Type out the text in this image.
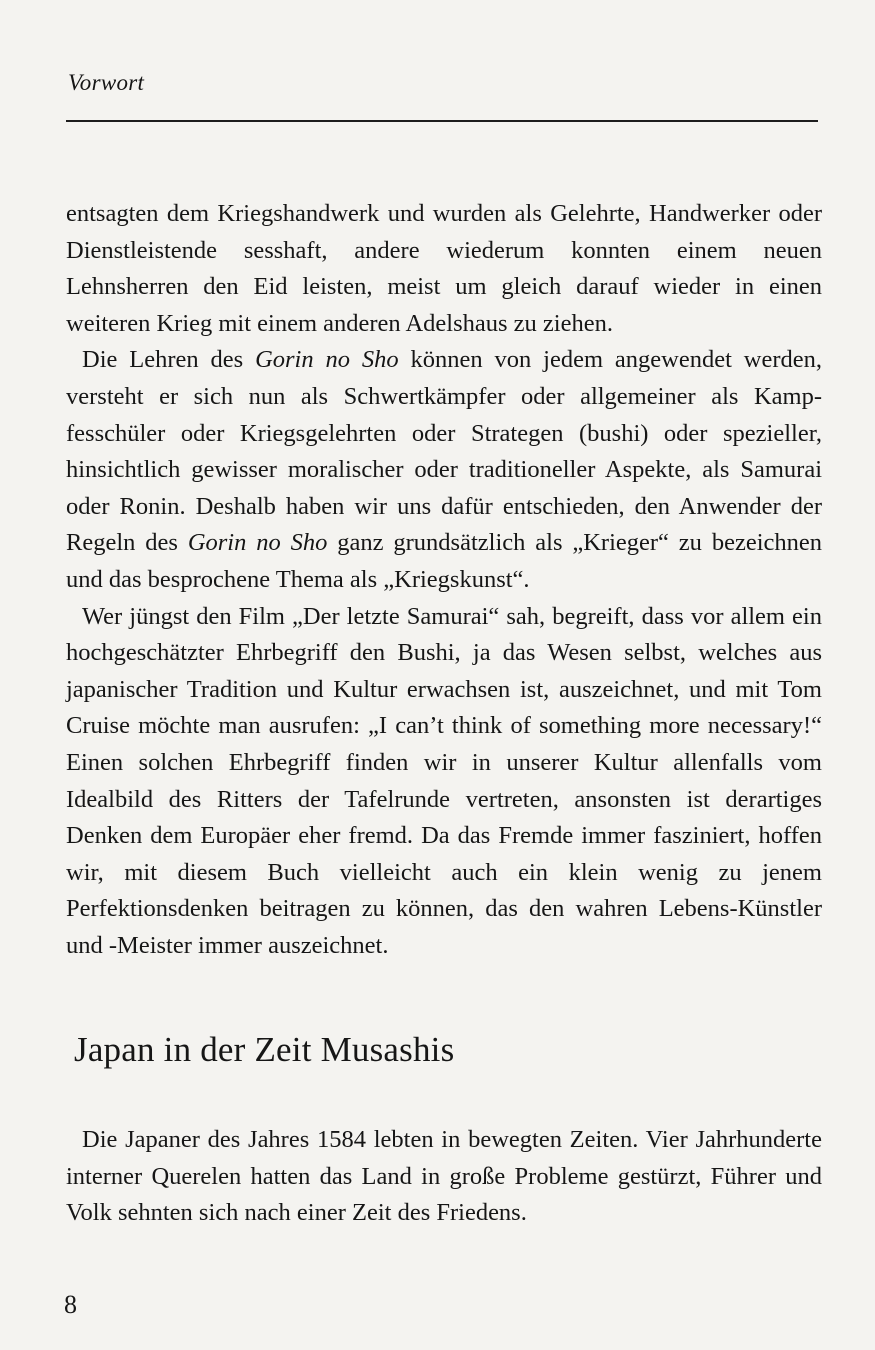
Vorwort

entsagten dem Kriegshandwerk und wurden als Gelehrte, Handwerker oder Dienstleistende sesshaft, andere wiederum konnten einem neuen Lehnsherren den Eid leisten, meist um gleich darauf wieder in einen weiteren Krieg mit einem anderen Adelshaus zu ziehen.

Die Lehren des Gorin no Sho können von jedem angewendet werden, versteht er sich nun als Schwertkämpfer oder allgemeiner als Kampfesschüler oder Kriegsgelehrten oder Strategen (bushi) oder spezieller, hinsichtlich gewisser moralischer oder traditioneller Aspekte, als Samurai oder Ronin. Deshalb haben wir uns dafür entschieden, den Anwender der Regeln des Gorin no Sho ganz grundsätzlich als „Krieger“ zu bezeichnen und das besprochene Thema als „Kriegskunst“.

Wer jüngst den Film „Der letzte Samurai“ sah, begreift, dass vor allem ein hochgeschätzter Ehrbegriff den Bushi, ja das Wesen selbst, welches aus japanischer Tradition und Kultur erwachsen ist, auszeichnet, und mit Tom Cruise möchte man ausrufen: „I can’t think of something more necessary!“ Einen solchen Ehrbegriff finden wir in unserer Kultur allenfalls vom Idealbild des Ritters der Tafelrunde vertreten, ansonsten ist derartiges Denken dem Europäer eher fremd. Da das Fremde immer fasziniert, hoffen wir, mit diesem Buch vielleicht auch ein klein wenig zu jenem Perfektionsdenken beitragen zu können, das den wahren Lebens-Künstler und -Meister immer auszeichnet.

Japan in der Zeit Musashis

Die Japaner des Jahres 1584 lebten in bewegten Zeiten. Vier Jahrhunderte interner Querelen hatten das Land in große Probleme gestürzt, Führer und Volk sehnten sich nach einer Zeit des Friedens.

8
